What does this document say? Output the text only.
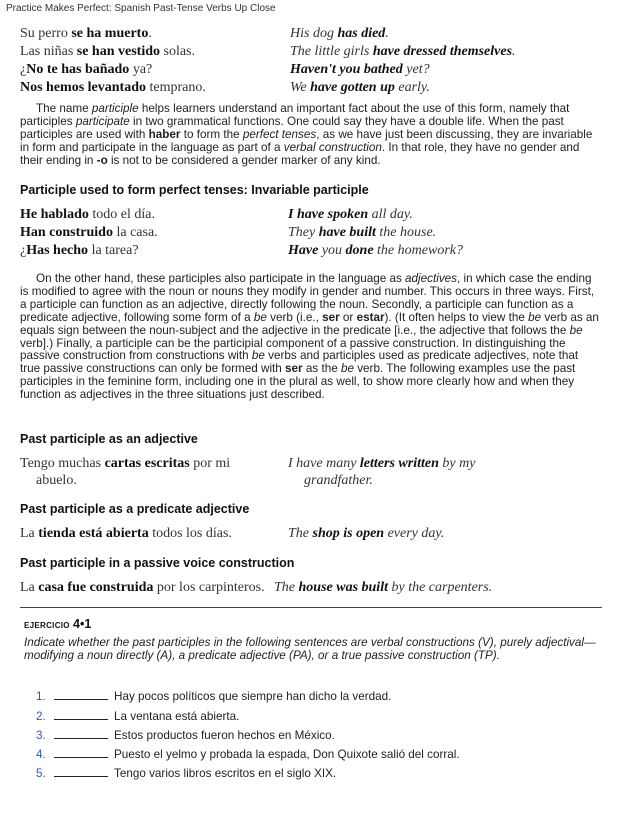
Practice Makes Perfect: Spanish Past-Tense Verbs Up Close
Su perro se ha muerto.	His dog has died.
Las niñas se han vestido solas.	The little girls have dressed themselves.
¿No te has bañado ya?	Haven't you bathed yet?
Nos hemos levantado temprano.	We have gotten up early.

The name participle helps learners understand an important fact about the use of this form, namely that participles participate in two grammatical functions. One could say they have a double life. When the past participles are used with haber to form the perfect tenses, as we have just been discussing, they are invariable in form and participate in the language as part of a verbal construction. In that role, they have no gender and their ending in -o is not to be considered a gender marker of any kind.

Participle used to form perfect tenses: Invariable participle
He hablado todo el día.	I have spoken all day.
Han construido la casa.	They have built the house.
¿Has hecho la tarea?	Have you done the homework?

On the other hand, these participles also participate in the language as adjectives, in which case the ending is modified to agree with the noun or nouns they modify in gender and number. This occurs in three ways. First, a participle can function as an adjective, directly following the noun. Secondly, a participle can function as a predicate adjective, following some form of a be verb (i.e., ser or estar). (It often helps to view the be verb as an equals sign between the noun-subject and the adjective in the predicate [i.e., the adjective that follows the be verb].) Finally, a participle can be the participial component of a passive construction. In distinguishing the passive construction from constructions with be verbs and participles used as predicate adjectives, note that true passive constructions can only be formed with ser as the be verb. The following examples use the past participles in the feminine form, including one in the plural as well, to show more clearly how and when they function as adjectives in the three situations just described.

Past participle as an adjective
Tengo muchas cartas escritas por mi	I have many letters written by my
abuelo.	grandfather.
Past participle as a predicate adjective
La tienda está abierta todos los días.	The shop is open every day.
Past participle in a passive voice construction
La casa fue construida por los carpinteros. The house was built by the carpenters.
ejercicio 4•1

Indicate whether the past participles in the following sentences are verbal constructions (V), purely adjectival—modifying a noun directly (A), a predicate adjective (PA), or a true passive construction (TP).

1.	Hay pocos políticos que siempre han dicho la verdad.
2.	La ventana está abierta.
3.	Estos productos fueron hechos en México.
4.	Puesto el yelmo y probada la espada, Don Quixote salió del corral.
5.	Tengo varios libros escritos en el siglo XIX.
